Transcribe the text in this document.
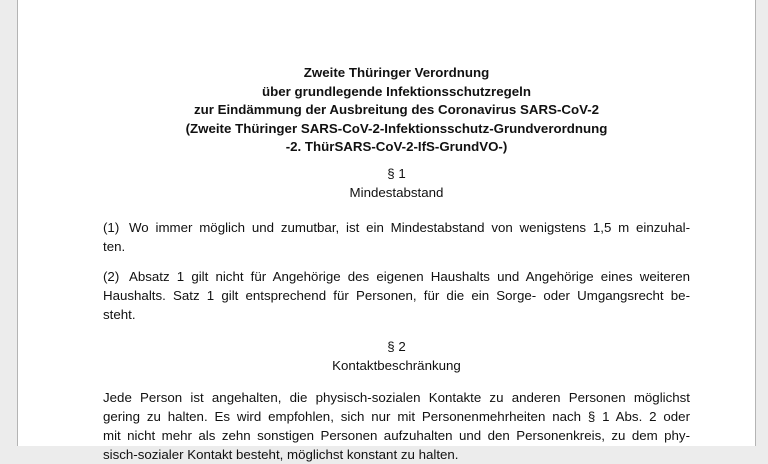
Zweite Thüringer Verordnung
über grundlegende Infektionsschutzregeln
zur Eindämmung der Ausbreitung des Coronavirus SARS-CoV-2
(Zweite Thüringer SARS-CoV-2-Infektionsschutz-Grundverordnung
-2. ThürSARS-CoV-2-IfS-GrundVO-)
§ 1
Mindestabstand
(1) Wo immer möglich und zumutbar, ist ein Mindestabstand von wenigstens 1,5 m einzuhal-
ten.
(2) Absatz 1 gilt nicht für Angehörige des eigenen Haushalts und Angehörige eines weiteren
Haushalts. Satz 1 gilt entsprechend für Personen, für die ein Sorge- oder Umgangsrecht be-
steht.
§ 2
Kontaktbeschränkung
Jede Person ist angehalten, die physisch-sozialen Kontakte zu anderen Personen möglichst
gering zu halten. Es wird empfohlen, sich nur mit Personenmehrheiten nach § 1 Abs. 2 oder
mit nicht mehr als zehn sonstigen Personen aufzuhalten und den Personenkreis, zu dem phy-
sisch-sozialer Kontakt besteht, möglichst konstant zu halten.
